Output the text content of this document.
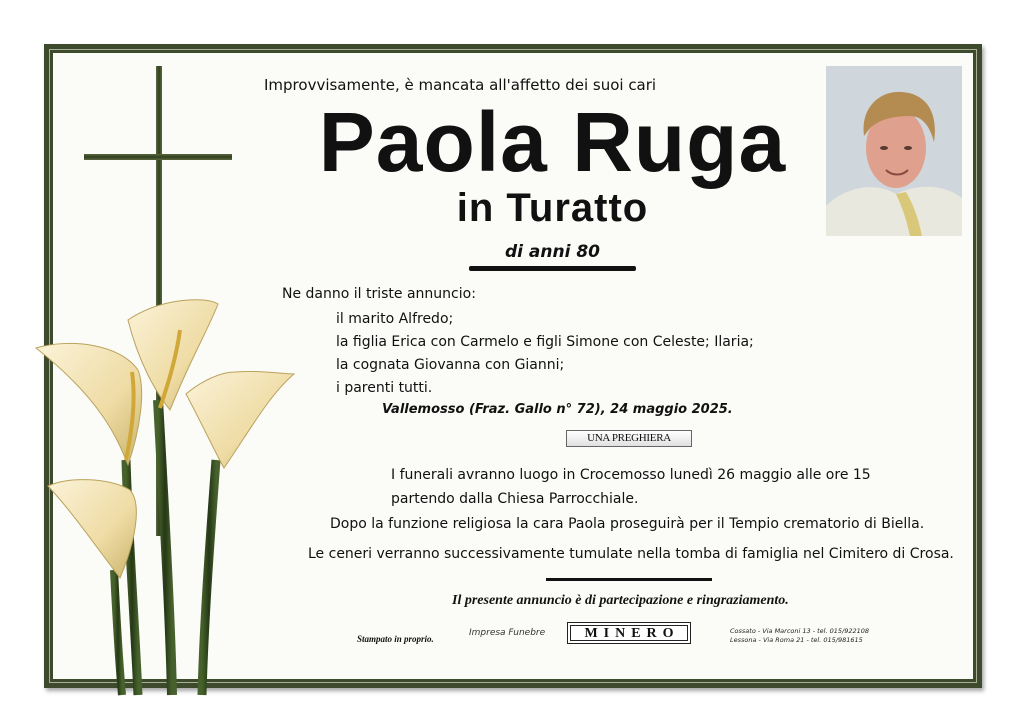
Improvvisamente, è mancata all'affetto dei suoi cari
Paola Ruga
in Turatto
di anni 80
Ne danno il triste annuncio:
il marito Alfredo;
la figlia Erica con Carmelo e figli Simone con Celeste; Ilaria;
la cognata Giovanna con Gianni;
i parenti tutti.
Vallemosso (Fraz. Gallo n° 72), 24 maggio 2025.
UNA PREGHIERA
I funerali avranno luogo in Crocemosso lunedì 26 maggio alle ore 15
partendo dalla Chiesa Parrocchiale.
Dopo la funzione religiosa la cara Paola proseguirà per il Tempio crematorio di Biella.
Le ceneri verranno successivamente tumulate nella tomba di famiglia nel Cimitero di Crosa.
Il presente annuncio è di partecipazione e ringraziamento.
Stampato in proprio.
Impresa Funebre	MINERO	Cossato - Via Marconi 13 - tel. 015/922108
Lessona - Via Roma 21 - tel. 015/981615
